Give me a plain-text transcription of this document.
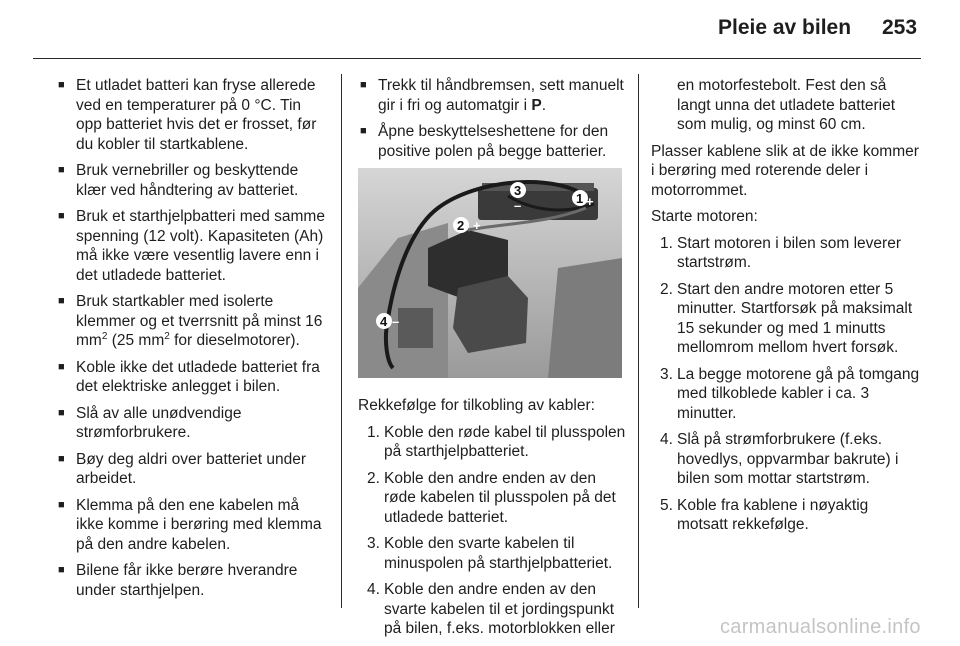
Pleie av bilen 253
■ Et utladet batteri kan fryse allerede ved en temperaturer på 0 °C. Tin opp batteriet hvis det er frosset, før du kobler til startkablene.
■ Bruk vernebriller og beskyttende klær ved håndtering av batteriet.
■ Bruk et starthjelpbatteri med samme spenning (12 volt). Kapasiteten (Ah) må ikke være vesentlig lavere enn i det utladede batteriet.
■ Bruk startkabler med isolerte klemmer og et tverrsnitt på minst 16 $mm^2$ (25 $mm^2$ for dieselmotorer).
■ Koble ikke det utladede batteriet fra det elektriske anlegget i bilen.
■ Slå av alle unødvendige strømforbrukere.
■ Bøy deg aldri over batteriet under arbeidet.
■ Klemma på den ene kabelen må ikke komme i berøring med klemma på den andre kabelen.
■ Bilene får ikke berøre hverandre under starthjelpen.
■ Trekk til håndbremsen, sett manuelt gir i fri og automatgir i P.
■ Åpne beskyttelseshettene for den positive polen på begge batterier.
1 +
2 +
3
–
4 –

Rekkefølge for tilkobling av kabler:

1. Koble den røde kabel til plusspolen på starthjelpbatteriet.
2. Koble den andre enden av den røde kabelen til plusspolen på det utladede batteriet.
3. Koble den svarte kabelen til minuspolen på starthjelpbatteriet.
4. Koble den andre enden av den svarte kabelen til et jordingspunkt på bilen, f.eks. motorblokken eller
en motorfestebolt. Fest den så langt unna det utladete batteriet som mulig, og minst 60 cm.

Plasser kablene slik at de ikke kommer i berøring med roterende deler i motorrommet.

Starte motoren:

1. Start motoren i bilen som leverer startstrøm.
2. Start den andre motoren etter 5 minutter. Startforsøk på maksimalt 15 sekunder og med 1 minutts mellomrom mellom hvert forsøk.
3. La begge motorene gå på tomgang med tilkoblede kabler i ca. 3 minutter.
4. Slå på strømforbrukere (f.eks. hovedlys, oppvarmbar bakrute) i bilen som mottar startstrøm.
5. Koble fra kablene i nøyaktig motsatt rekkefølge.
carmanualsonline.info
